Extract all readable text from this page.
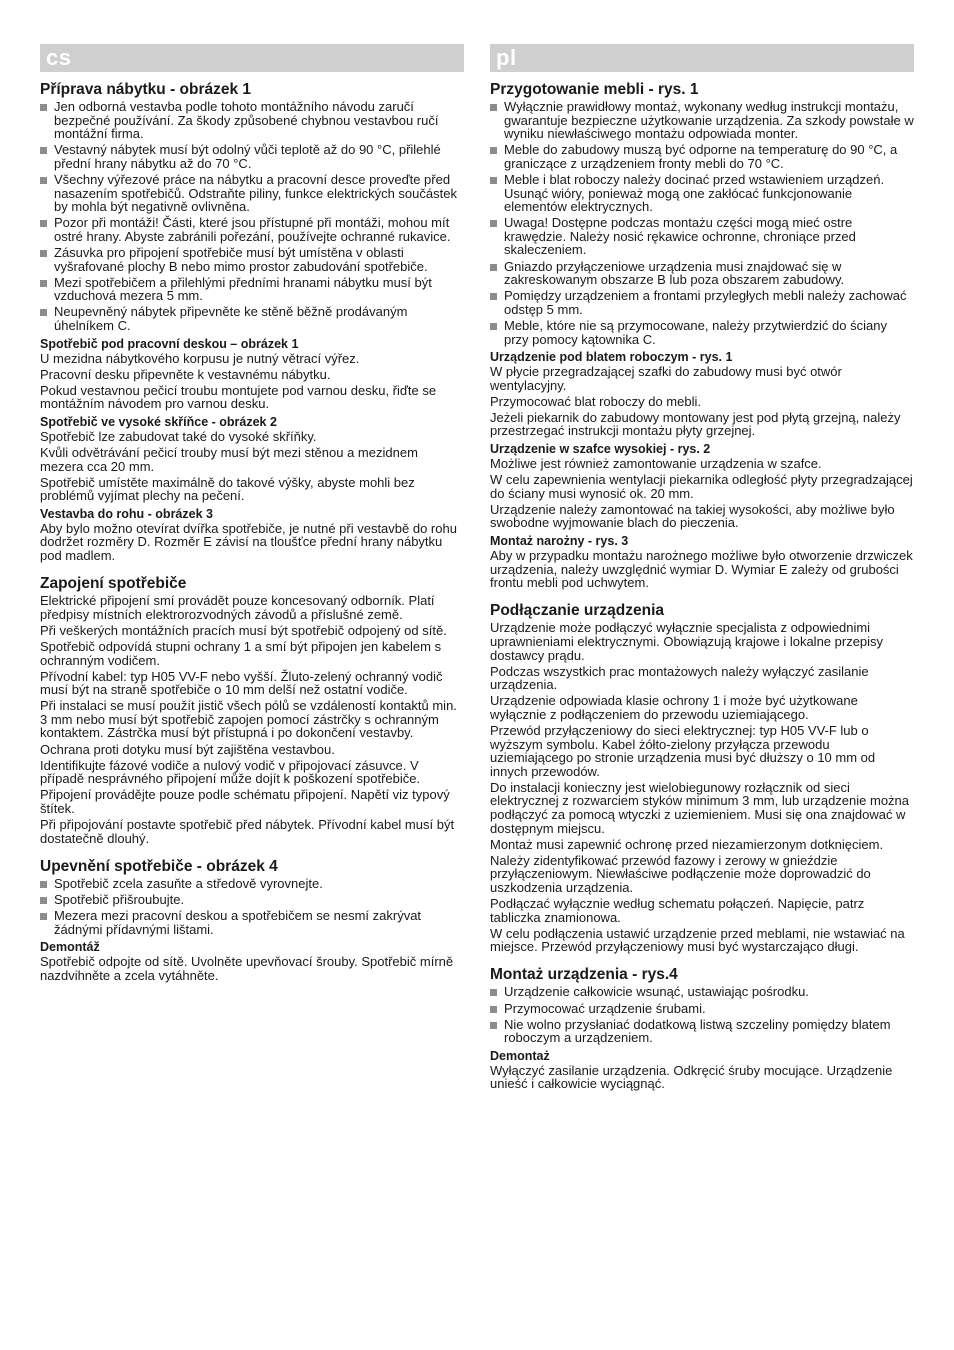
cs
Příprava nábytku - obrázek 1
Jen odborná vestavba podle tohoto montážního návodu zaručí bezpečné používání. Za škody způsobené chybnou vestavbou ručí montážní firma.
Vestavný nábytek musí být odolný vůči teplotě až do 90 °C, přilehlé přední hrany nábytku až do 70 °C.
Všechny výřezové práce na nábytku a pracovní desce proveďte před nasazením spotřebičů. Odstraňte piliny, funkce elektrických součástek by mohla být negativně ovlivněna.
Pozor při montáži! Části, které jsou přístupné při montáži, mohou mít ostré hrany. Abyste zabránili pořezání, používejte ochranné rukavice.
Zásuvka pro připojení spotřebiče musí být umístěna v oblasti vyšrafované plochy B nebo mimo prostor zabudování spotřebiče.
Mezi spotřebičem a přilehlými předními hranami nábytku musí být vzduchová mezera 5 mm.
Neupevněný nábytek připevněte ke stěně běžně prodávaným úhelníkem C.
Spotřebič pod pracovní deskou – obrázek 1

U mezidna nábytkového korpusu je nutný větrací výřez.

Pracovní desku připevněte k vestavnému nábytku.

Pokud vestavnou pečicí troubu montujete pod varnou desku, řiďte se montážním návodem pro varnou desku.

Spotřebič ve vysoké skříňce - obrázek 2

Spotřebič lze zabudovat také do vysoké skříňky.

Kvůli odvětrávání pečicí trouby musí být mezi stěnou a mezidnem mezera cca 20 mm.

Spotřebič umístěte maximálně do takové výšky, abyste mohli bez problémů vyjímat plechy na pečení.

Vestavba do rohu - obrázek 3

Aby bylo možno otevírat dvířka spotřebiče, je nutné při vestavbě do rohu dodržet rozměry D. Rozměr E závisí na tloušťce přední hrany nábytku pod madlem.

Zapojení spotřebiče

Elektrické připojení smí provádět pouze koncesovaný odborník. Platí předpisy místních elektrorozvodných závodů a příslušné země.

Při veškerých montážních pracích musí být spotřebič odpojený od sítě.

Spotřebič odpovídá stupni ochrany 1 a smí být připojen jen kabelem s ochranným vodičem.

Přívodní kabel: typ H05 VV-F nebo vyšší. Žluto-zelený ochranný vodič musí být na straně spotřebiče o 10 mm delší než ostatní vodiče.

Při instalaci se musí použít jistič všech pólů se vzdáleností kontaktů min. 3 mm nebo musí být spotřebič zapojen pomocí zástrčky s ochranným kontaktem. Zástrčka musí být přístupná i po dokončení vestavby.

Ochrana proti dotyku musí být zajištěna vestavbou.

Identifikujte fázové vodiče a nulový vodič v připojovací zásuvce. V případě nesprávného připojení může dojít k poškození spotřebiče.

Připojení provádějte pouze podle schématu připojení. Napětí viz typový štítek.

Při připojování postavte spotřebič před nábytek. Přívodní kabel musí být dostatečně dlouhý.

Upevnění spotřebiče - obrázek 4
Spotřebič zcela zasuňte a středově vyrovnejte.
Spotřebič přišroubujte.
Mezera mezi pracovní deskou a spotřebičem se nesmí zakrývat žádnými přídavnými lištami.
Demontáž

Spotřebič odpojte od sítě. Uvolněte upevňovací šrouby. Spotřebič mírně nazdvihněte a zcela vytáhněte.

pl
Przygotowanie mebli - rys. 1
Wyłącznie prawidłowy montaż, wykonany według instrukcji montażu, gwarantuje bezpieczne użytkowanie urządzenia. Za szkody powstałe w wyniku niewłaściwego montażu odpowiada monter.
Meble do zabudowy muszą być odporne na temperaturę do 90 °C, a graniczące z urządzeniem fronty mebli do 70 °C.
Meble i blat roboczy należy docinać przed wstawieniem urządzeń. Usunąć wióry, ponieważ mogą one zakłócać funkcjonowanie elementów elektrycznych.
Uwaga! Dostępne podczas montażu części mogą mieć ostre krawędzie. Należy nosić rękawice ochronne, chroniące przed skaleczeniem.
Gniazdo przyłączeniowe urządzenia musi znajdować się w zakreskowanym obszarze B lub poza obszarem zabudowy.
Pomiędzy urządzeniem a frontami przyległych mebli należy zachować odstęp 5 mm.
Meble, które nie są przymocowane, należy przytwierdzić do ściany przy pomocy kątownika C.
Urządzenie pod blatem roboczym - rys. 1

W płycie przegradzającej szafki do zabudowy musi być otwór wentylacyjny.

Przymocować blat roboczy do mebli.

Jeżeli piekarnik do zabudowy montowany jest pod płytą grzejną, należy przestrzegać instrukcji montażu płyty grzejnej.

Urządzenie w szafce wysokiej - rys. 2

Możliwe jest również zamontowanie urządzenia w szafce.

W celu zapewnienia wentylacji piekarnika odległość płyty przegradzającej do ściany musi wynosić ok. 20 mm.

Urządzenie należy zamontować na takiej wysokości, aby możliwe było swobodne wyjmowanie blach do pieczenia.

Montaż narożny - rys. 3

Aby w przypadku montażu narożnego możliwe było otworzenie drzwiczek urządzenia, należy uwzględnić wymiar D. Wymiar E zależy od grubości frontu mebli pod uchwytem.

Podłączanie urządzenia

Urządzenie może podłączyć wyłącznie specjalista z odpowiednimi uprawnieniami elektrycznymi. Obowiązują krajowe i lokalne przepisy dostawcy prądu.

Podczas wszystkich prac montażowych należy wyłączyć zasilanie urządzenia.

Urządzenie odpowiada klasie ochrony 1 i może być użytkowane wyłącznie z podłączeniem do przewodu uziemiającego.

Przewód przyłączeniowy do sieci elektrycznej: typ H05 VV-F lub o wyższym symbolu. Kabel żółto-zielony przyłącza przewodu uziemiającego po stronie urządzenia musi być dłuższy o 10 mm od innych przewodów.

Do instalacji konieczny jest wielobiegunowy rozłącznik od sieci elektrycznej z rozwarciem styków minimum 3 mm, lub urządzenie można podłączyć za pomocą wtyczki z uziemieniem. Musi się ona znajdować w dostępnym miejscu.

Montaż musi zapewnić ochronę przed niezamierzonym dotknięciem.

Należy zidentyfikować przewód fazowy i zerowy w gnieździe przyłączeniowym. Niewłaściwe podłączenie może doprowadzić do uszkodzenia urządzenia.

Podłączać wyłącznie według schematu połączeń. Napięcie, patrz tabliczka znamionowa.

W celu podłączenia ustawić urządzenie przed meblami, nie wstawiać na miejsce. Przewód przyłączeniowy musi być wystarczająco długi.

Montaż urządzenia - rys.4
Urządzenie całkowicie wsunąć, ustawiając pośrodku.
Przymocować urządzenie śrubami.
Nie wolno przysłaniać dodatkową listwą szczeliny pomiędzy blatem roboczym a urządzeniem.
Demontaż

Wyłączyć zasilanie urządzenia. Odkręcić śruby mocujące. Urządzenie unieść i całkowicie wyciągnąć.
